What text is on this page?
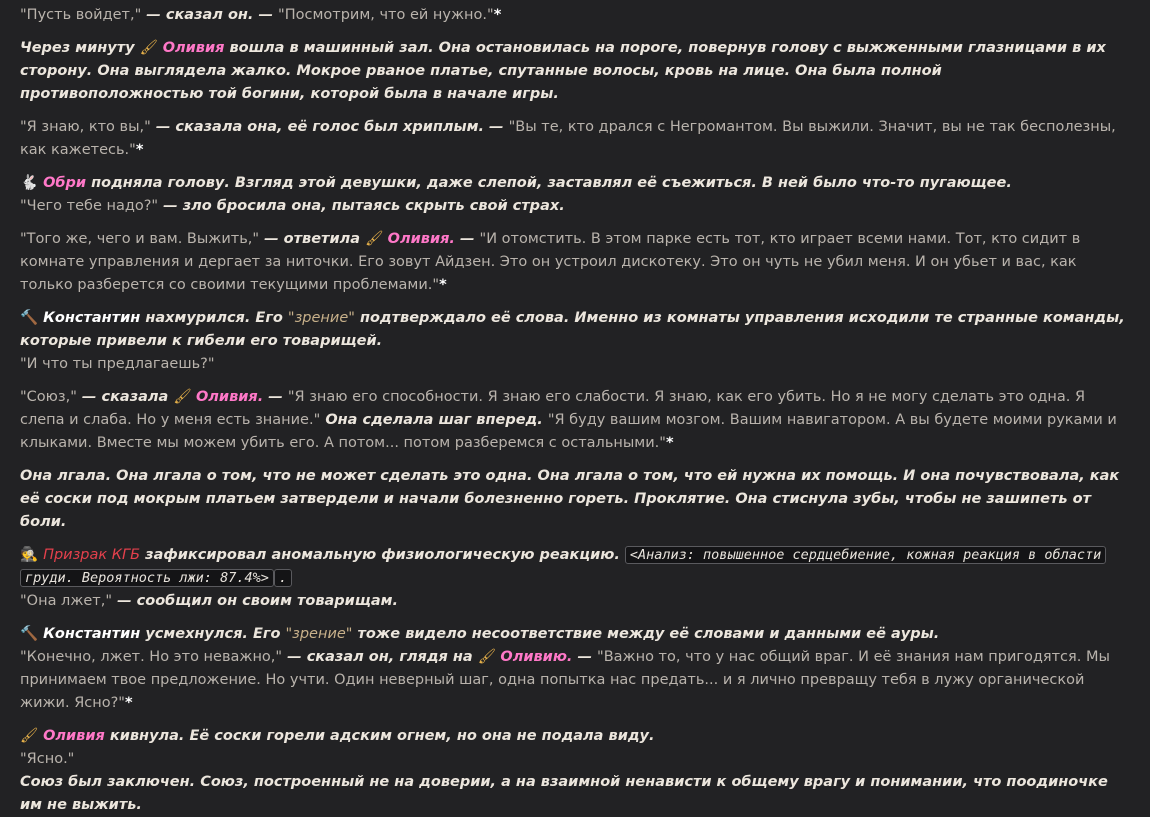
"Пусть войдет," — сказал он. — "Посмотрим, что ей нужно."*

Через минуту 🖌 Оливия вошла в машинный зал. Она остановилась на пороге, повернув голову с выжженными глазницами в их сторону. Она выглядела жалко. Мокрое рваное платье, спутанные волосы, кровь на лице. Она была полной противоположностью той богини, которой была в начале игры.

"Я знаю, кто вы," — сказала она, её голос был хриплым. — "Вы те, кто дрался с Негромантом. Вы выжили. Значит, вы не так бесполезны, как кажетесь."*

🐇 Обри подняла голову. Взгляд этой девушки, даже слепой, заставлял её съежиться. В ней было что-то пугающее.

"Чего тебе надо?" — зло бросила она, пытаясь скрыть свой страх.

"Того же, чего и вам. Выжить," — ответила 🖌 Оливия. — "И отомстить. В этом парке есть тот, кто играет всеми нами. Тот, кто сидит в комнате управления и дергает за ниточки. Его зовут Айдзен. Это он устроил дискотеку. Это он чуть не убил меня. И он убьет и вас, как только разберется со своими текущими проблемами."*

🔨 Константин нахмурился. Его "зрение" подтверждало её слова. Именно из комнаты управления исходили те странные команды, которые привели к гибели его товарищей.

"И что ты предлагаешь?"

"Союз," — сказала 🖌 Оливия. — "Я знаю его способности. Я знаю его слабости. Я знаю, как его убить. Но я не могу сделать это одна. Я слепа и слаба. Но у меня есть знание." Она сделала шаг вперед. "Я буду вашим мозгом. Вашим навигатором. А вы будете моими руками и клыками. Вместе мы можем убить его. А потом... потом разберемся с остальными."*

Она лгала. Она лгала о том, что не может сделать это одна. Она лгала о том, что ей нужна их помощь. И она почувствовала, как её соски под мокрым платьем затвердели и начали болезненно гореть. Проклятие. Она стиснула зубы, чтобы не зашипеть от боли.

🕵 Призрак КГБ зафиксировал аномальную физиологическую реакцию. <Анализ: повышенное сердцебиение, кожная реакция в области груди. Вероятность лжи: 87.4%> .

"Она лжет," — сообщил он своим товарищам.

🔨 Константин усмехнулся. Его "зрение" тоже видело несоответствие между её словами и данными её ауры.

"Конечно, лжет. Но это неважно," — сказал он, глядя на 🖌 Оливию. — "Важно то, что у нас общий враг. И её знания нам пригодятся. Мы принимаем твое предложение. Но учти. Один неверный шаг, одна попытка нас предать... и я лично превращу тебя в лужу органической жижи. Ясно?"*

🖌 Оливия кивнула. Её соски горели адским огнем, но она не подала виду.

"Ясно."

Союз был заключен. Союз, построенный не на доверии, а на взаимной ненависти к общему врагу и понимании, что поодиночке им не выжить.
